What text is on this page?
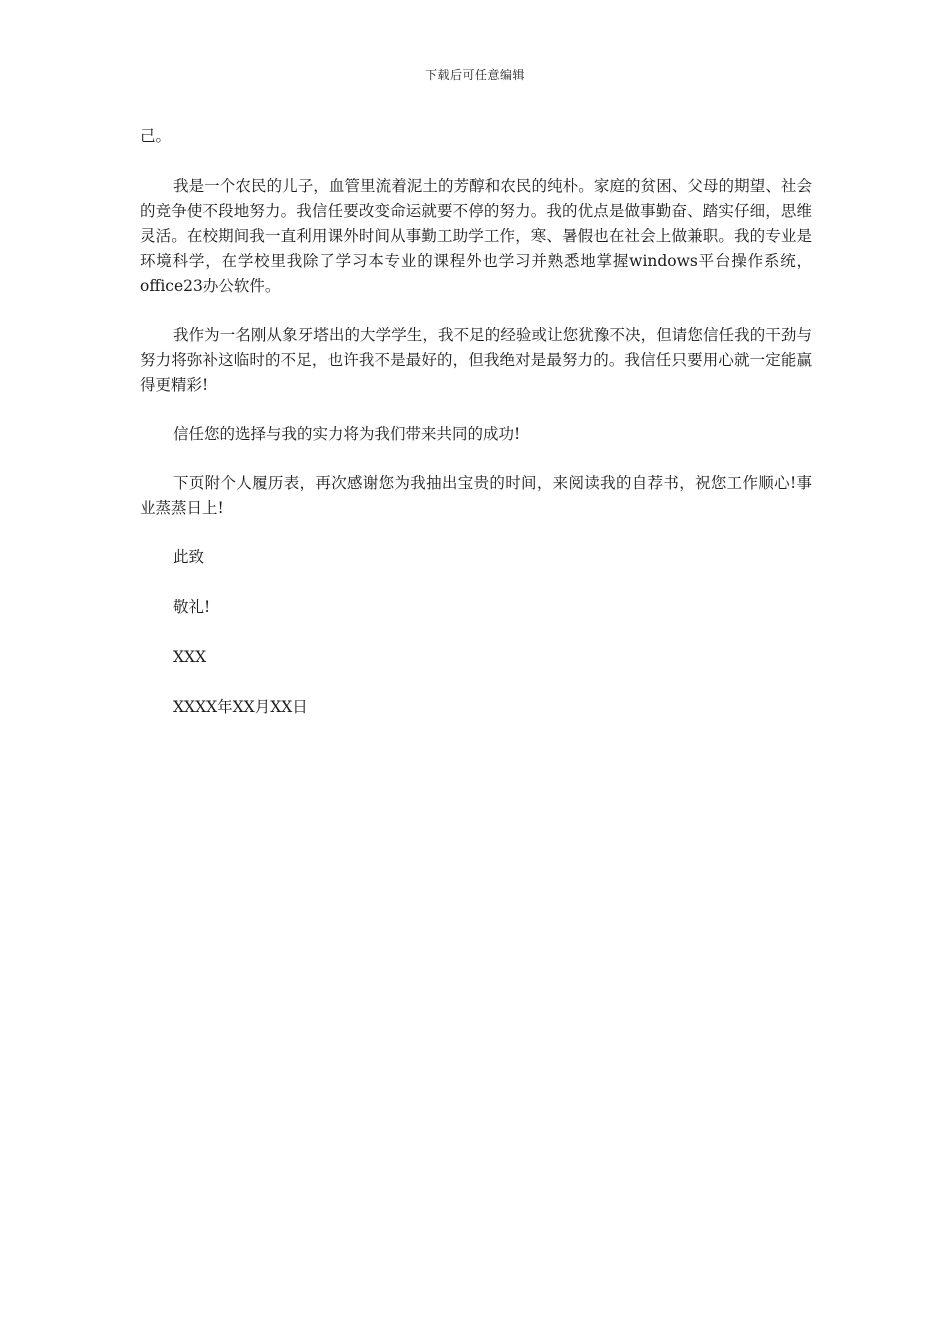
下载后可任意编辑

己。

我是一个农民的儿子，血管里流着泥土的芳醇和农民的纯朴。家庭的贫困、父母的期望、社会的竞争使不段地努力。我信任要改变命运就要不停的努力。我的优点是做事勤奋、踏实仔细，思维灵活。在校期间我一直利用课外时间从事勤工助学工作，寒、暑假也在社会上做兼职。我的专业是环境科学，在学校里我除了学习本专业的课程外也学习并熟悉地掌握windows平台操作系统，office23办公软件。

我作为一名刚从象牙塔出的大学学生，我不足的经验或让您犹豫不决，但请您信任我的干劲与努力将弥补这临时的不足，也许我不是最好的，但我绝对是最努力的。我信任只要用心就一定能赢得更精彩!

信任您的选择与我的实力将为我们带来共同的成功!

下页附个人履历表，再次感谢您为我抽出宝贵的时间，来阅读我的自荐书，祝您工作顺心!事业蒸蒸日上!

此致

敬礼!

XXX

XXXX年XX月XX日
